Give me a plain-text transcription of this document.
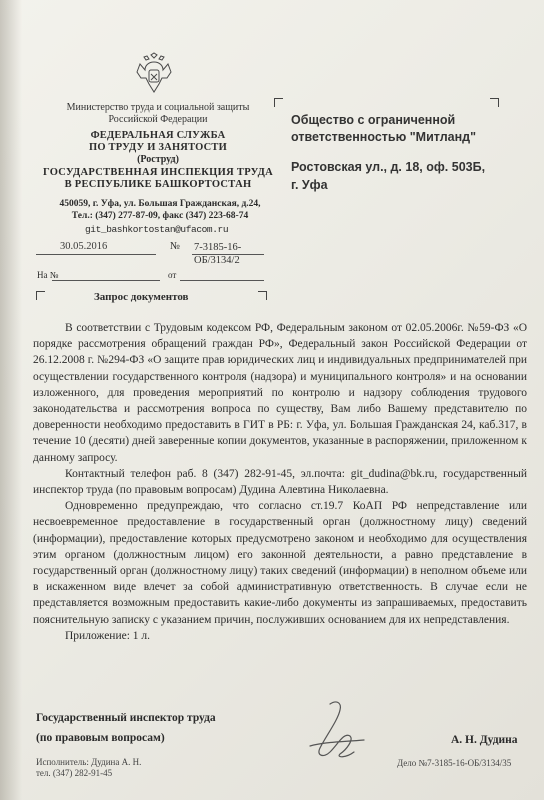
Министерство труда и социальной защиты
Российской Федерации
ФЕДЕРАЛЬНАЯ СЛУЖБА
ПО ТРУДУ И ЗАНЯТОСТИ
(Роструд)
ГОСУДАРСТВЕННАЯ ИНСПЕКЦИЯ ТРУДА
В РЕСПУБЛИКЕ БАШКОРТОСТАН
450059, г. Уфа, ул. Большая Гражданская, д.24,
Тел.: (347) 277-87-09, факс (347) 223-68-74
git_bashkortostan@ufacom.ru
30.05.2016	№ 7-3185-16-ОБ/3134/2
На №	от
Общество с ограниченной
ответственностью "Митланд"
Ростовская ул., д. 18, оф. 503Б,
г. Уфа
Запрос документов

В соответствии с Трудовым кодексом РФ, Федеральным законом от 02.05.2006г. №59-ФЗ «О порядке рассмотрения обращений граждан РФ», Федеральный закон Российской Федерации от 26.12.2008 г. №294-ФЗ «О защите прав юридических лиц и индивидуальных предпринимателей при осуществлении государственного контроля (надзора) и муниципального контроля» и на основании изложенного, для проведения мероприятий по контролю и надзору соблюдения трудового законодательства и рассмотрения вопроса по существу, Вам либо Вашему представителю по доверенности необходимо предоставить в ГИТ в РБ: г. Уфа, ул. Большая Гражданская 24, каб.317, в течение 10 (десяти) дней заверенные копии документов, указанные в распоряжении, приложенном к данному запросу.

Контактный телефон раб. 8 (347) 282-91-45, эл.почта: git_dudina@bk.ru, государственный инспектор труда (по правовым вопросам) Дудина Алевтина Николаевна.

Одновременно предупреждаю, что согласно ст.19.7 КоАП РФ непредставление или несвоевременное предоставление в государственный орган (должностному лицу) сведений (информации), предоставление которых предусмотрено законом и необходимо для осуществления этим органом (должностным лицом) его законной деятельности, а равно представление в государственный орган (должностному лицу) таких сведений (информации) в неполном объеме или в искаженном виде влечет за собой административную ответственность. В случае если не представляется возможным предоставить какие-либо документы из запрашиваемых, предоставить пояснительную записку с указанием причин, послуживших основанием для их непредставления.

Приложение: 1 л.

Государственный инспектор труда
(по правовым вопросам)	А. Н. Дудина
Исполнитель: Дудина А. Н.
тел. (347) 282-91-45
Дело №7-3185-16-ОБ/3134/35
